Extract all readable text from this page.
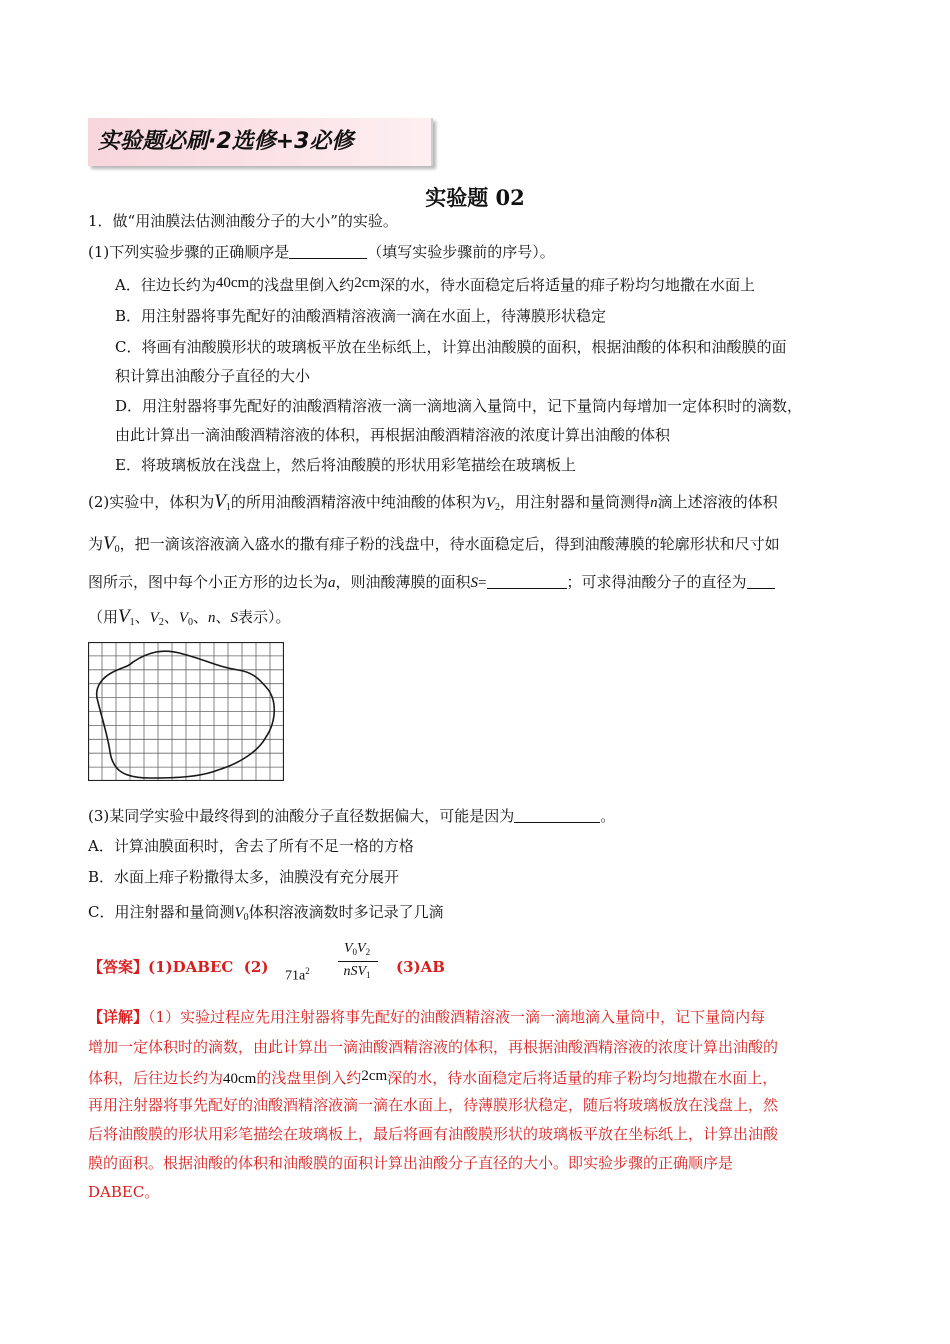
实验题必刷·2选修+3必修
实验题 02
1．做“用油膜法估测油酸分子的大小”的实验。
(1)下列实验步骤的正确顺序是	（填写实验步骤前的序号）。
A．往边长约为40cm的浅盘里倒入约2cm深的水，待水面稳定后将适量的痱子粉均匀地撒在水面上
B．用注射器将事先配好的油酸酒精溶液滴一滴在水面上，待薄膜形状稳定
C．将画有油酸膜形状的玻璃板平放在坐标纸上，计算出油酸膜的面积，根据油酸的体积和油酸膜的面
积计算出油酸分子直径的大小
D．用注射器将事先配好的油酸酒精溶液一滴一滴地滴入量筒中，记下量筒内每增加一定体积时的滴数，
由此计算出一滴油酸酒精溶液的体积，再根据油酸酒精溶液的浓度计算出油酸的体积
E．将玻璃板放在浅盘上，然后将油酸膜的形状用彩笔描绘在玻璃板上
(2)实验中，体积为$V_1$的所用油酸酒精溶液中纯油酸的体积为$V_2$，用注射器和量筒测得n滴上述溶液的体积
为$V_0$，把一滴该溶液滴入盛水的撒有痱子粉的浅盘中，待水面稳定后，得到油酸薄膜的轮廓形状和尺寸如
图所示，图中每个小正方形的边长为a，则油酸薄膜的面积S=	；可求得油酸分子的直径为
（用$V_1$、$V_2$、$V_0$、n、S表示）。
(3)某同学实验中最终得到的油酸分子直径数据偏大，可能是因为	。
A．计算油膜面积时，舍去了所有不足一格的方格
B．水面上痱子粉撒得太多，油膜没有充分展开
C．用注射器和量筒测$V_0$体积溶液滴数时多记录了几滴
【答案】(1)DABEC (2)
$71a^2$
$V_0V_2$
nSV$_1$	(3)AB
【详解】（1）实验过程应先用注射器将事先配好的油酸酒精溶液一滴一滴地滴入量筒中，记下量筒内每
增加一定体积时的滴数，由此计算出一滴油酸酒精溶液的体积，再根据油酸酒精溶液的浓度计算出油酸的
体积，后往边长约为40cm的浅盘里倒入约2cm深的水，待水面稳定后将适量的痱子粉均匀地撒在水面上，
再用注射器将事先配好的油酸酒精溶液滴一滴在水面上，待薄膜形状稳定，随后将玻璃板放在浅盘上，然
后将油酸膜的形状用彩笔描绘在玻璃板上，最后将画有油酸膜形状的玻璃板平放在坐标纸上，计算出油酸
膜的面积。根据油酸的体积和油酸膜的面积计算出油酸分子直径的大小。即实验步骤的正确顺序是
DABEC。
